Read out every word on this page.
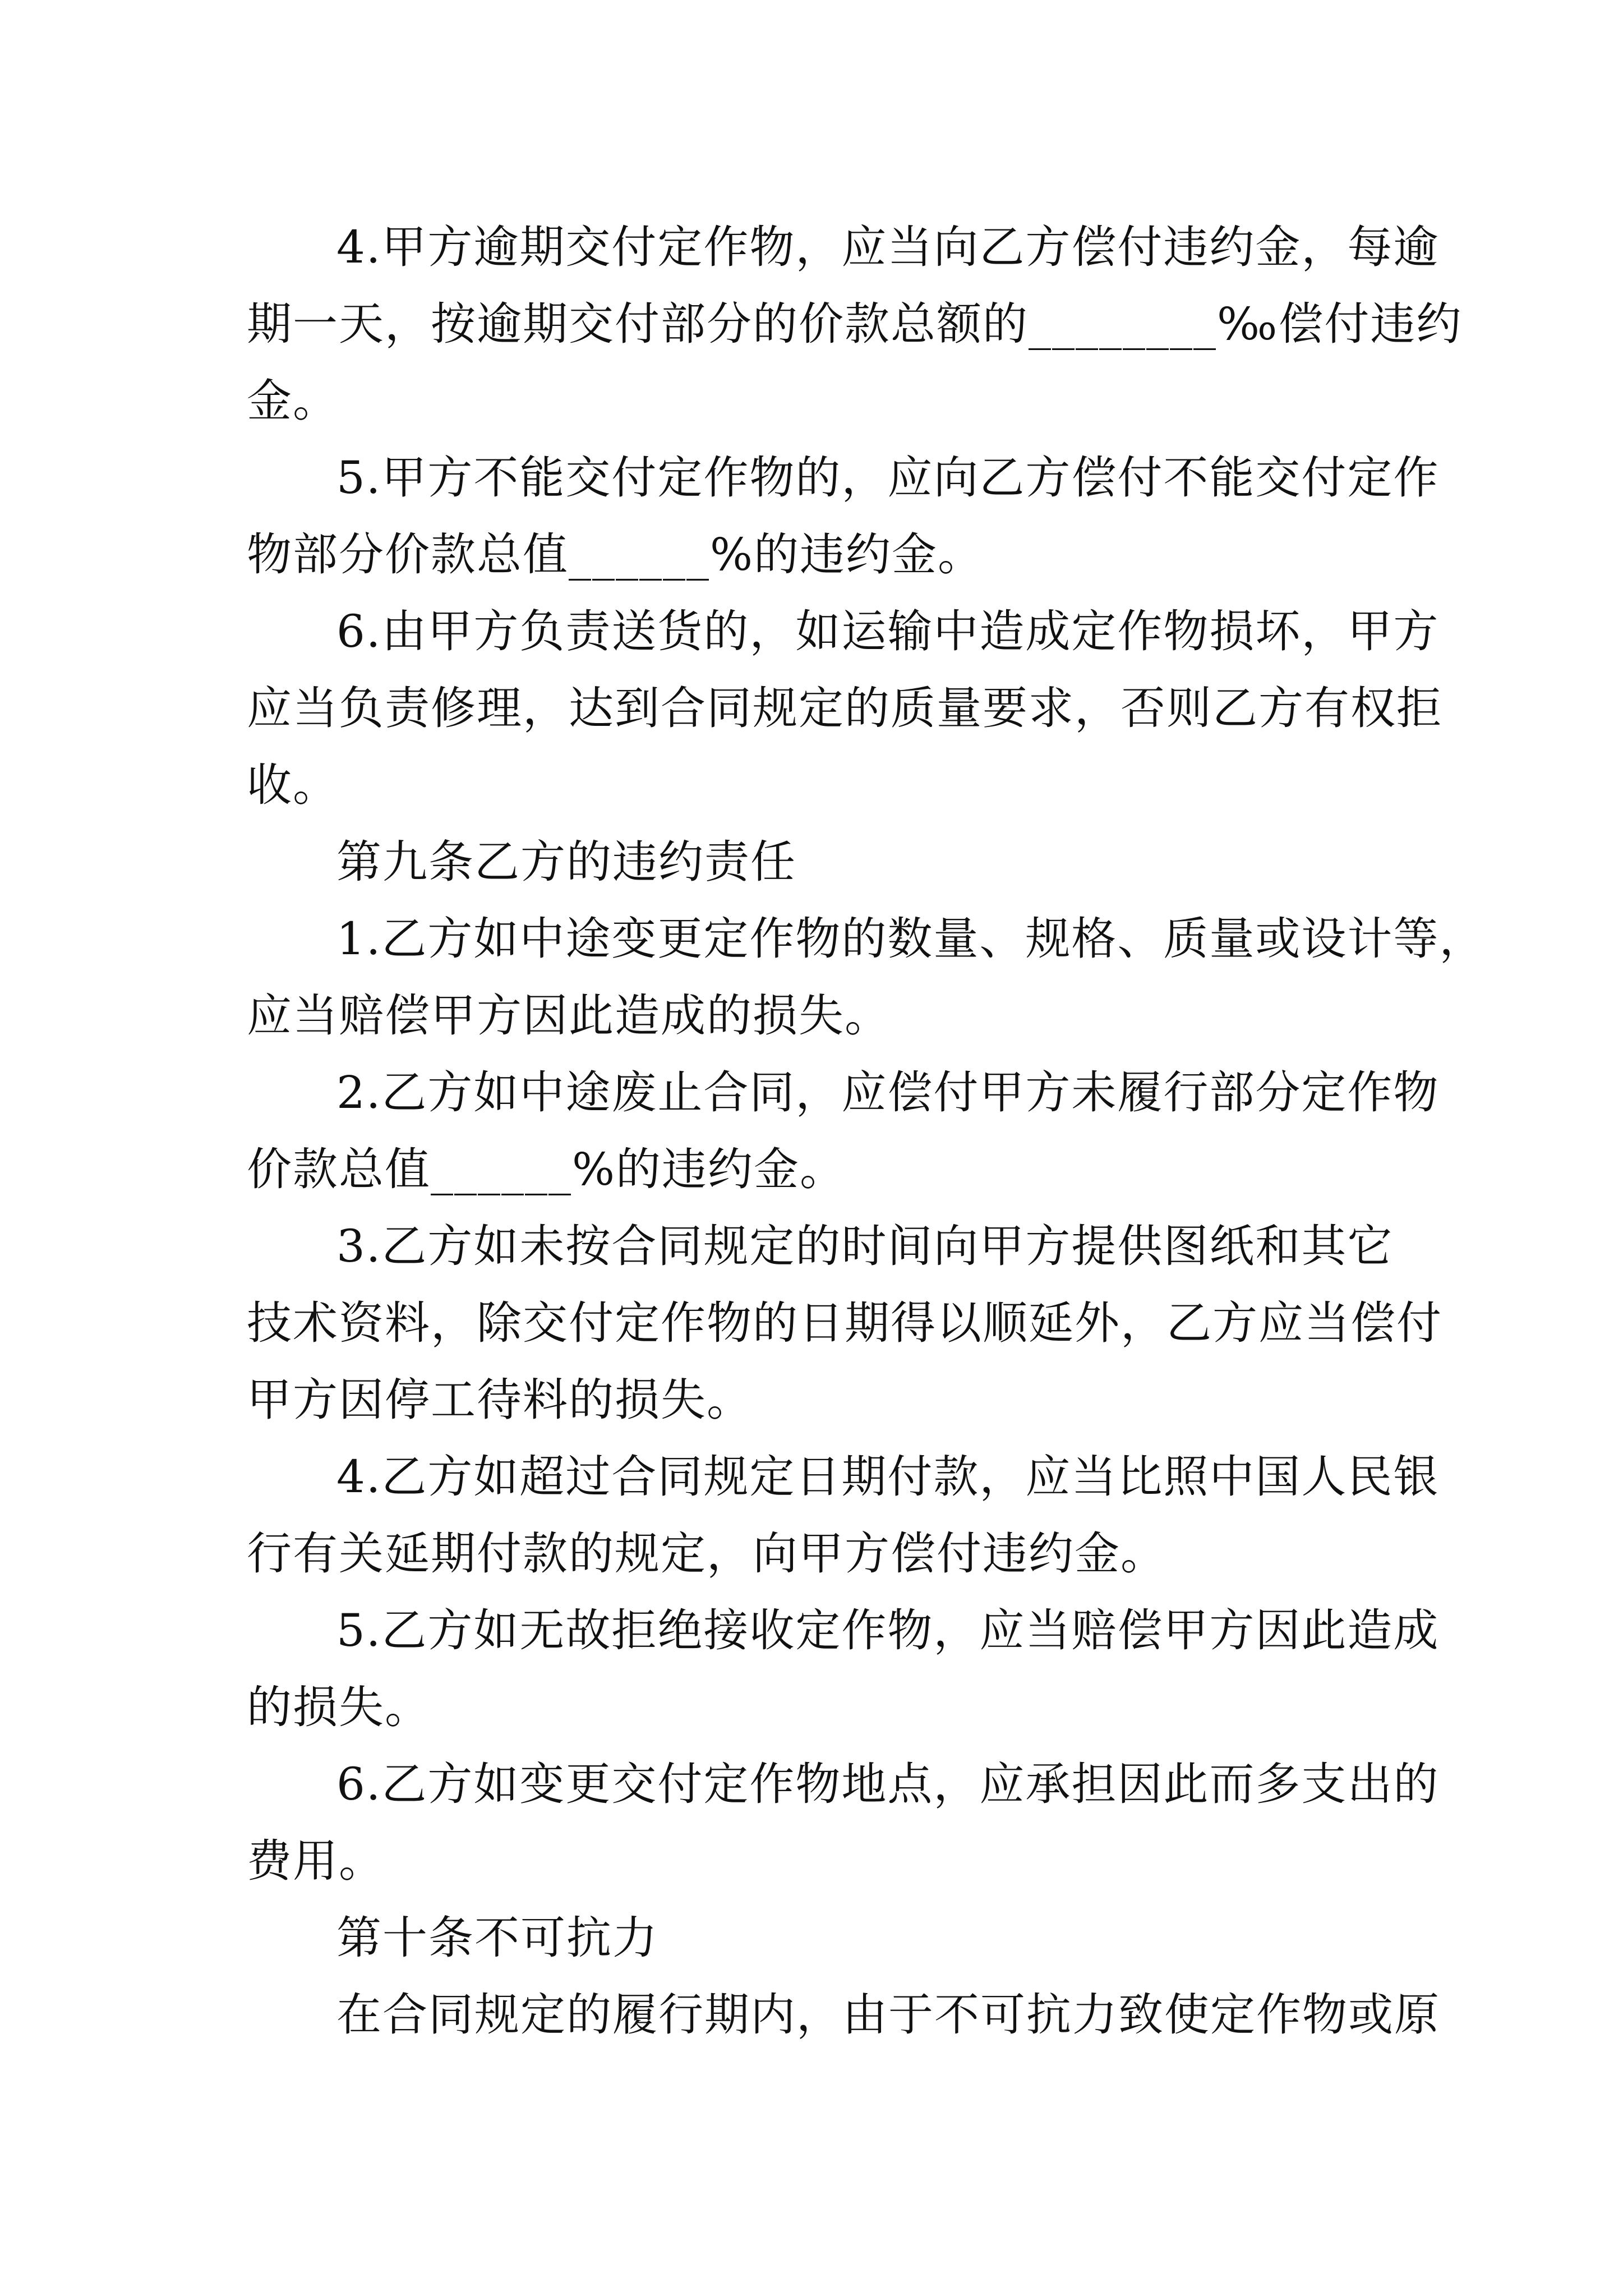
4.甲方逾期交付定作物，应当向乙方偿付违约金，每逾
期一天，按逾期交付部分的价款总额的________‰偿付违约
金。
5.甲方不能交付定作物的，应向乙方偿付不能交付定作
物部分价款总值______%的违约金。
6.由甲方负责送货的，如运输中造成定作物损坏，甲方
应当负责修理，达到合同规定的质量要求，否则乙方有权拒
收。
第九条乙方的违约责任
1.乙方如中途变更定作物的数量、规格、质量或设计等，
应当赔偿甲方因此造成的损失。
2.乙方如中途废止合同，应偿付甲方未履行部分定作物
价款总值______%的违约金。
3.乙方如未按合同规定的时间向甲方提供图纸和其它
技术资料，除交付定作物的日期得以顺延外，乙方应当偿付
甲方因停工待料的损失。
4.乙方如超过合同规定日期付款，应当比照中国人民银
行有关延期付款的规定，向甲方偿付违约金。
5.乙方如无故拒绝接收定作物，应当赔偿甲方因此造成
的损失。
6.乙方如变更交付定作物地点，应承担因此而多支出的
费用。
第十条不可抗力
在合同规定的履行期内，由于不可抗力致使定作物或原
